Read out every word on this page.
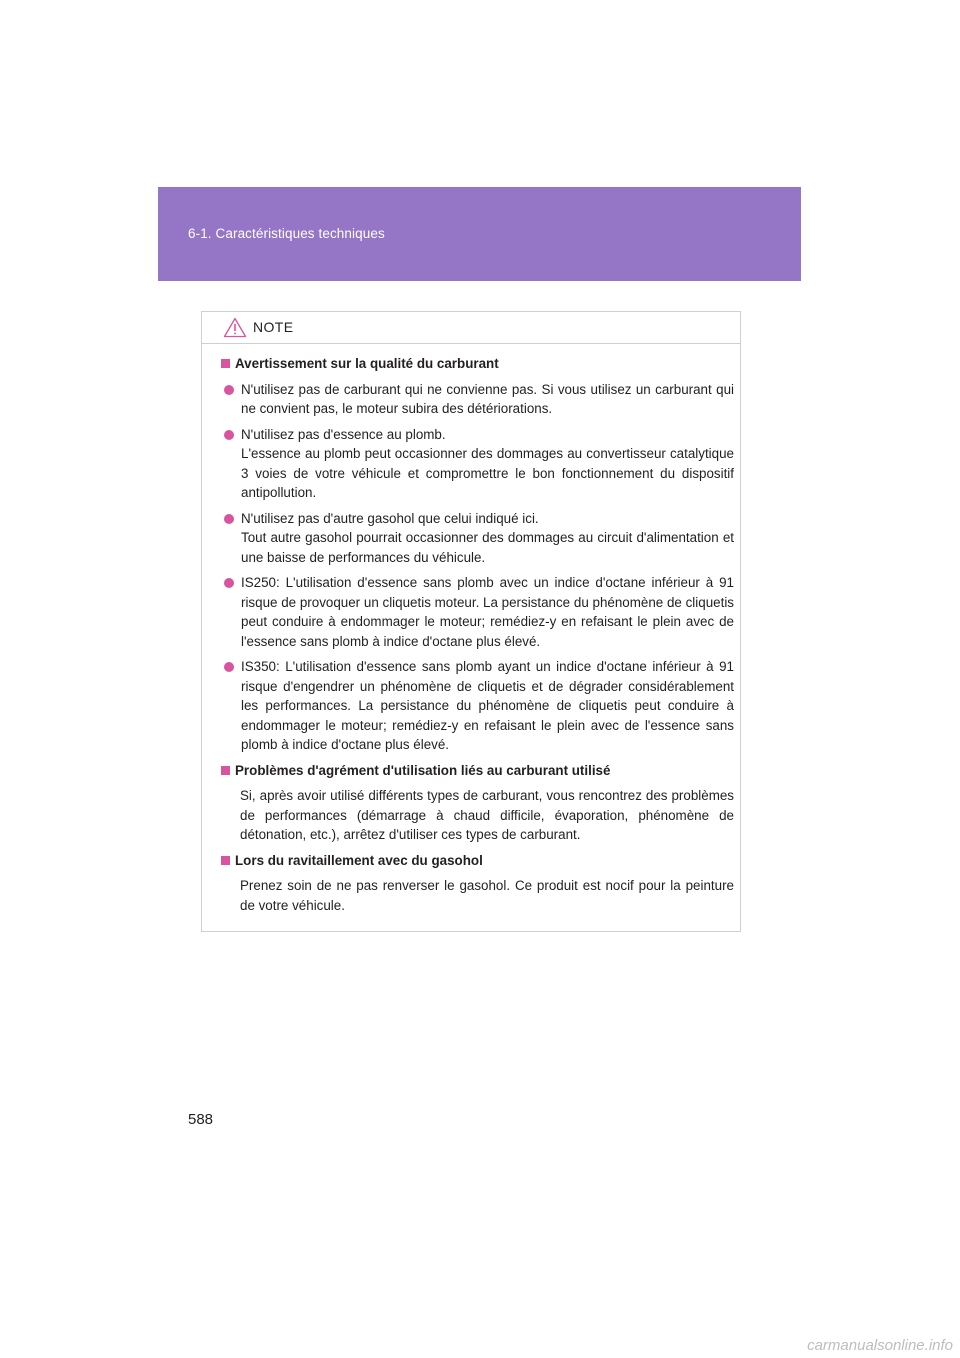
6-1. Caractéristiques techniques
NOTE
Avertissement sur la qualité du carburant
N'utilisez pas de carburant qui ne convienne pas. Si vous utilisez un carburant qui ne convient pas, le moteur subira des détériorations.
N'utilisez pas d'essence au plomb.
L'essence au plomb peut occasionner des dommages au convertisseur catalytique 3 voies de votre véhicule et compromettre le bon fonctionnement du dispositif antipollution.
N'utilisez pas d'autre gasohol que celui indiqué ici.
Tout autre gasohol pourrait occasionner des dommages au circuit d'alimentation et une baisse de performances du véhicule.
IS250: L'utilisation d'essence sans plomb avec un indice d'octane inférieur à 91 risque de provoquer un cliquetis moteur. La persistance du phénomène de cliquetis peut conduire à endommager le moteur; remédiez-y en refaisant le plein avec de l'essence sans plomb à indice d'octane plus élevé.
IS350: L'utilisation d'essence sans plomb ayant un indice d'octane inférieur à 91 risque d'engendrer un phénomène de cliquetis et de dégrader considérablement les performances. La persistance du phénomène de cliquetis peut conduire à endommager le moteur; remédiez-y en refaisant le plein avec de l'essence sans plomb à indice d'octane plus élevé.
Problèmes d'agrément d'utilisation liés au carburant utilisé
Si, après avoir utilisé différents types de carburant, vous rencontrez des problèmes de performances (démarrage à chaud difficile, évaporation, phénomène de détonation, etc.), arrêtez d'utiliser ces types de carburant.
Lors du ravitaillement avec du gasohol
Prenez soin de ne pas renverser le gasohol. Ce produit est nocif pour la peinture de votre véhicule.
588
carmanualsonline.info
